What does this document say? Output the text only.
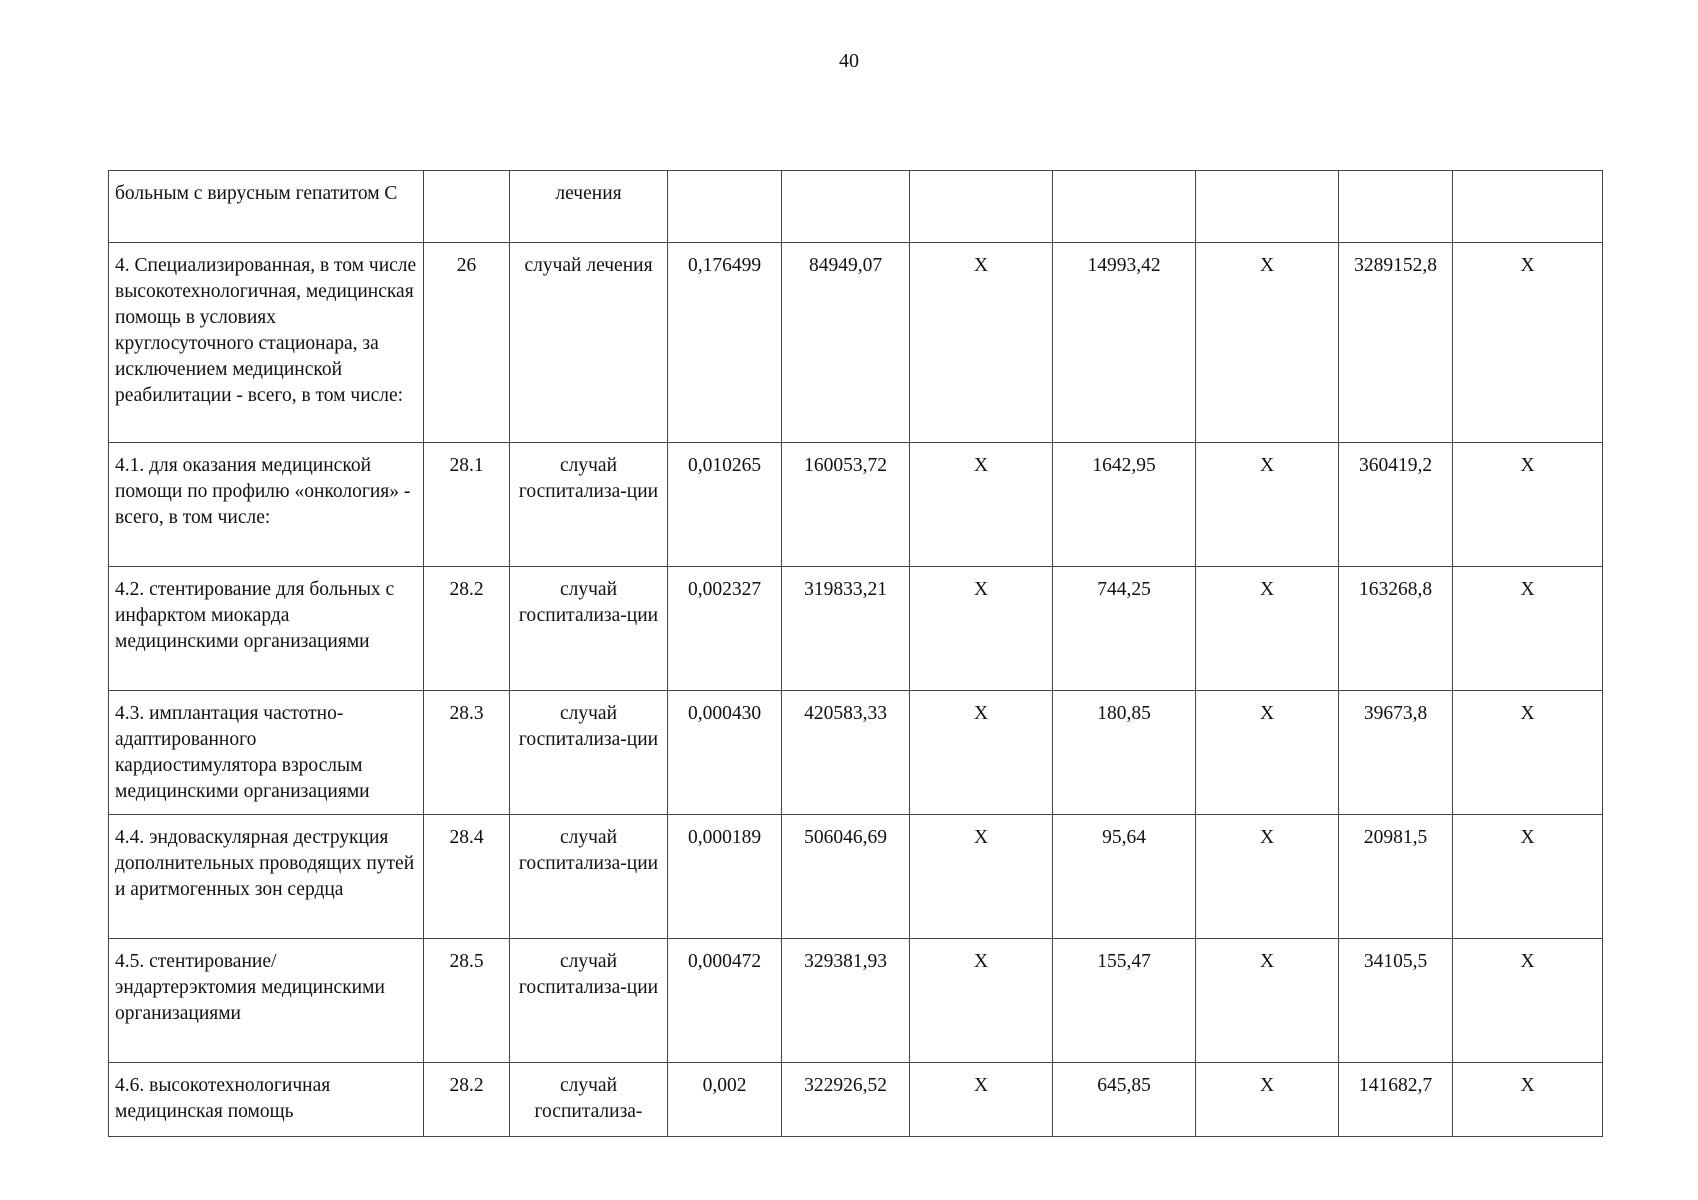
40
больным с вирусным гепатитом С		лечения							
4. Специализированная, в том числе высокотехнологичная, медицинская помощь в условиях круглосуточного стационара, за исключением медицинской реабилитации - всего, в том числе:	26	случай лечения	0,176499	84949,07	X	14993,42	X	3289152,8	X
4.1. для оказания медицинской помощи по профилю «онкология» - всего, в том числе:	28.1	случай госпитализа-ции	0,010265	160053,72	X	1642,95	X	360419,2	X
4.2. стентирование для больных с инфарктом миокарда медицинскими организациями	28.2	случай госпитализа-ции	0,002327	319833,21	X	744,25	X	163268,8	X
4.3. имплантация частотно-адаптированного кардиостимулятора взрослым медицинскими организациями	28.3	случай госпитализа-ции	0,000430	420583,33	X	180,85	X	39673,8	X
4.4. эндоваскулярная деструкция дополнительных проводящих путей и аритмогенных зон сердца	28.4	случай госпитализа-ции	0,000189	506046,69	X	95,64	X	20981,5	X
4.5. стентирование/эндартерэктомия медицинскими организациями	28.5	случай госпитализа-ции	0,000472	329381,93	X	155,47	X	34105,5	X
4.6. высокотехнологичная медицинская помощь	28.2	случай госпитализа-	0,002	322926,52	X	645,85	X	141682,7	X
